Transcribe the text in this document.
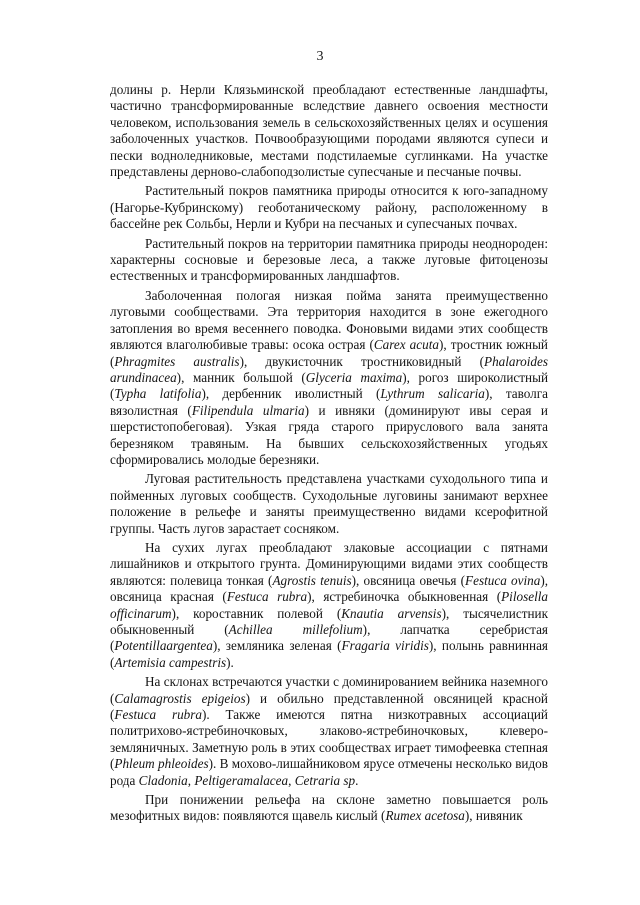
3

долины р. Нерли Клязьминской преобладают естественные ландшафты, частично трансформированные вследствие давнего освоения местности человеком, использования земель в сельскохозяйственных целях и осушения заболоченных участков. Почвообразующими породами являются супеси и пески водноледниковые, местами подстилаемые суглинками. На участке представлены дерново-слабоподзолистые супесчаные и песчаные почвы.

Растительный покров памятника природы относится к юго-западному (Нагорье-Кубринскому) геоботаническому району, расположенному в бассейне рек Сольбы, Нерли и Кубри на песчаных и супесчаных почвах.

Растительный покров на территории памятника природы неоднороден: характерны сосновые и березовые леса, а также луговые фитоценозы естественных и трансформированных ландшафтов.

Заболоченная пологая низкая пойма занята преимущественно луговыми сообществами. Эта территория находится в зоне ежегодного затопления во время весеннего поводка. Фоновыми видами этих сообществ являются влаголюбивые травы: осока острая (Carex acuta), тростник южный (Phragmites australis), двукисточник тростниковидный (Phalaroides arundinacea), манник большой (Glyceria maxima), рогоз широколистный (Typha latifolia), дербенник иволистный (Lythrum salicaria), таволга вязолистная (Filipendula ulmaria) и ивняки (доминируют ивы серая и шерстистопобеговая). Узкая гряда старого прируслового вала занята березняком травяным. На бывших сельскохозяйственных угодьях сформировались молодые березняки.

Луговая растительность представлена участками суходольного типа и пойменных луговых сообществ. Суходольные луговины занимают верхнее положение в рельефе и заняты преимущественно видами ксерофитной группы. Часть лугов зарастает сосняком.

На сухих лугах преобладают злаковые ассоциации с пятнами лишайников и открытого грунта. Доминирующими видами этих сообществ являются: полевица тонкая (Agrostis tenuis), овсяница овечья (Festuca ovina), овсяница красная (Festuca rubra), ястребиночка обыкновенная (Pilosella officinarum), короставник полевой (Knautia arvensis), тысячелистник обыкновенный (Achillea millefolium), лапчатка серебристая (Potentillaargentea), земляника зеленая (Fragaria viridis), полынь равнинная (Artemisia campestris).

На склонах встречаются участки с доминированием вейника наземного (Calamagrostis epigeios) и обильно представленной овсяницей красной (Festuca rubra). Также имеются пятна низкотравных ассоциаций политрихово-ястребиночковых, злаково-ястребиночковых, клеверо-земляничных. Заметную роль в этих сообществах играет тимофеевка степная (Phleum phleoides). В мохово-лишайниковом ярусе отмечены несколько видов рода Cladonia, Peltigeramalacea, Cetraria sp.

При понижении рельефа на склоне заметно повышается роль мезофитных видов: появляются щавель кислый (Rumex acetosa), нивяник
